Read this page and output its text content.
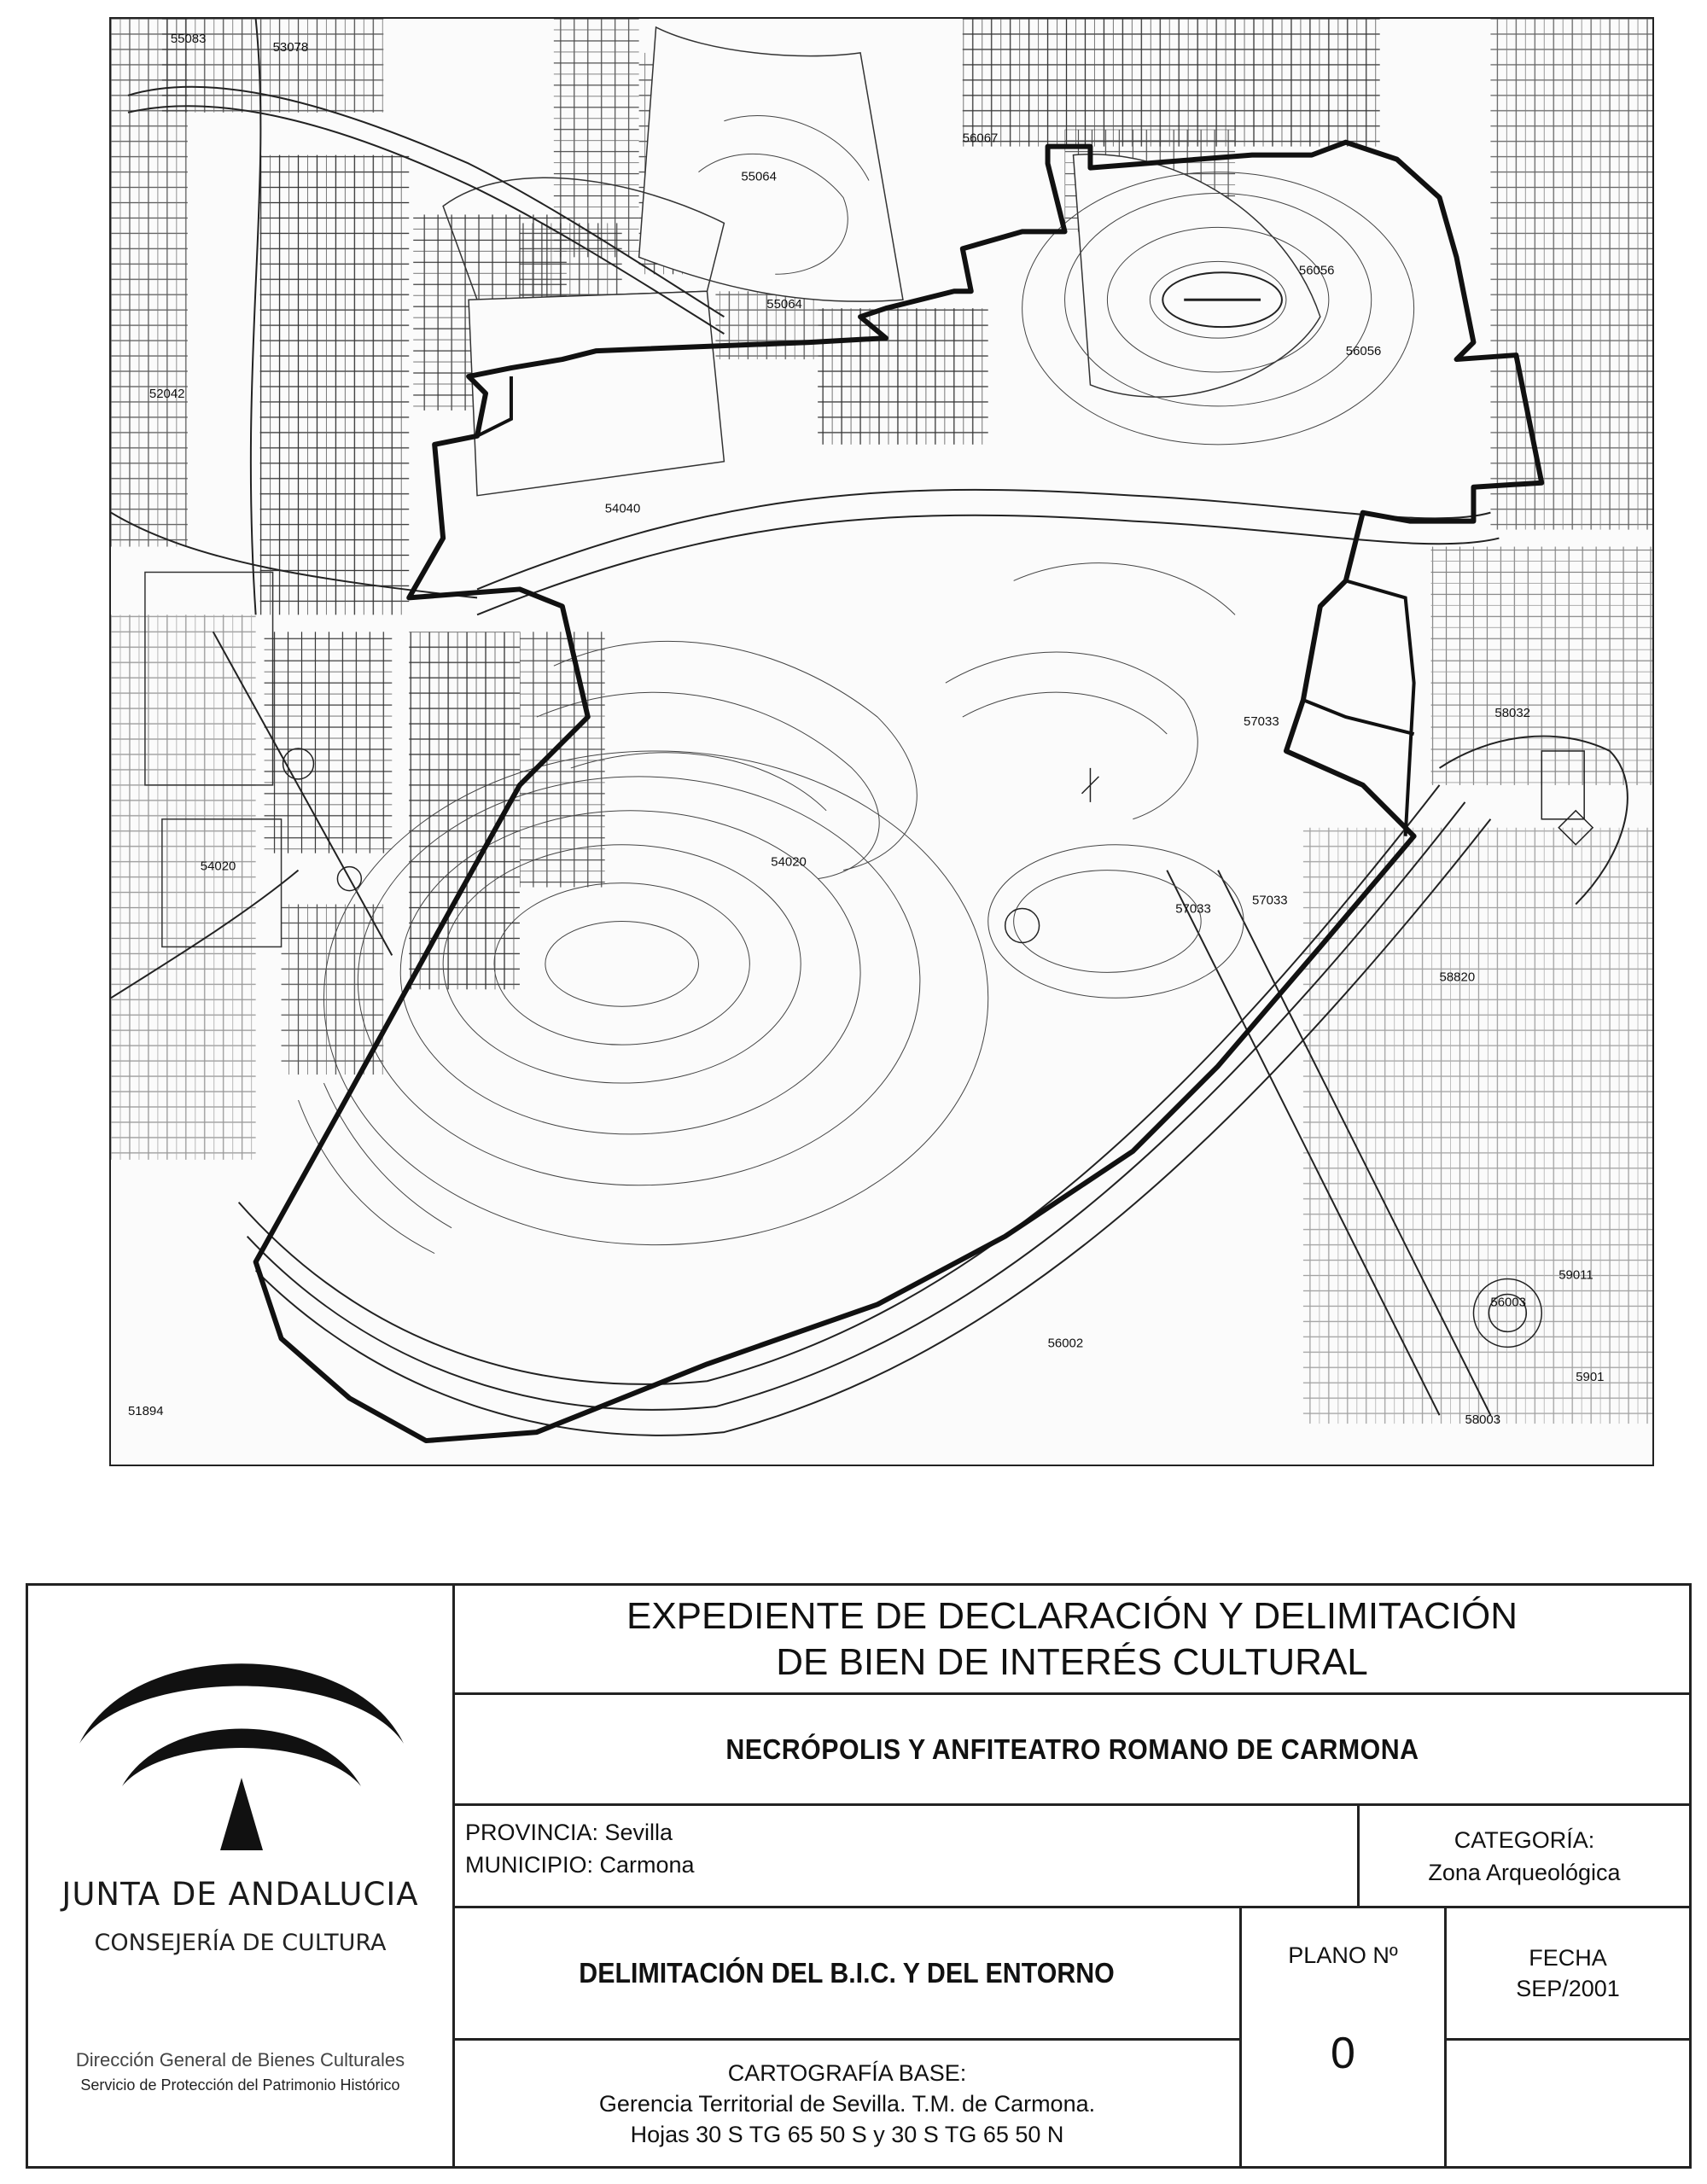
53078
55083
55064
56067
55064
52042
54040
56056
56056
54020
54020
57033
57033
57033
58032
58820
56002
56003
51894
58003
59011
5901
JUNTA DE ANDALUCIA
CONSEJERÍA DE CULTURA
Dirección General de Bienes Culturales
Servicio de Protección del Patrimonio Histórico
EXPEDIENTE DE DECLARACIÓN Y DELIMITACIÓN
DE BIEN DE INTERÉS CULTURAL
NECRÓPOLIS Y ANFITEATRO ROMANO DE CARMONA
PROVINCIA: Sevilla
MUNICIPIO: Carmona
CATEGORÍA:
Zona Arqueológica
DELIMITACIÓN DEL B.I.C. Y DEL ENTORNO
CARTOGRAFÍA BASE:
Gerencia Territorial de Sevilla. T.M. de Carmona.
Hojas 30 S TG 65 50 S y 30 S TG 65 50 N
PLANO Nº
0
FECHA
SEP/2001
